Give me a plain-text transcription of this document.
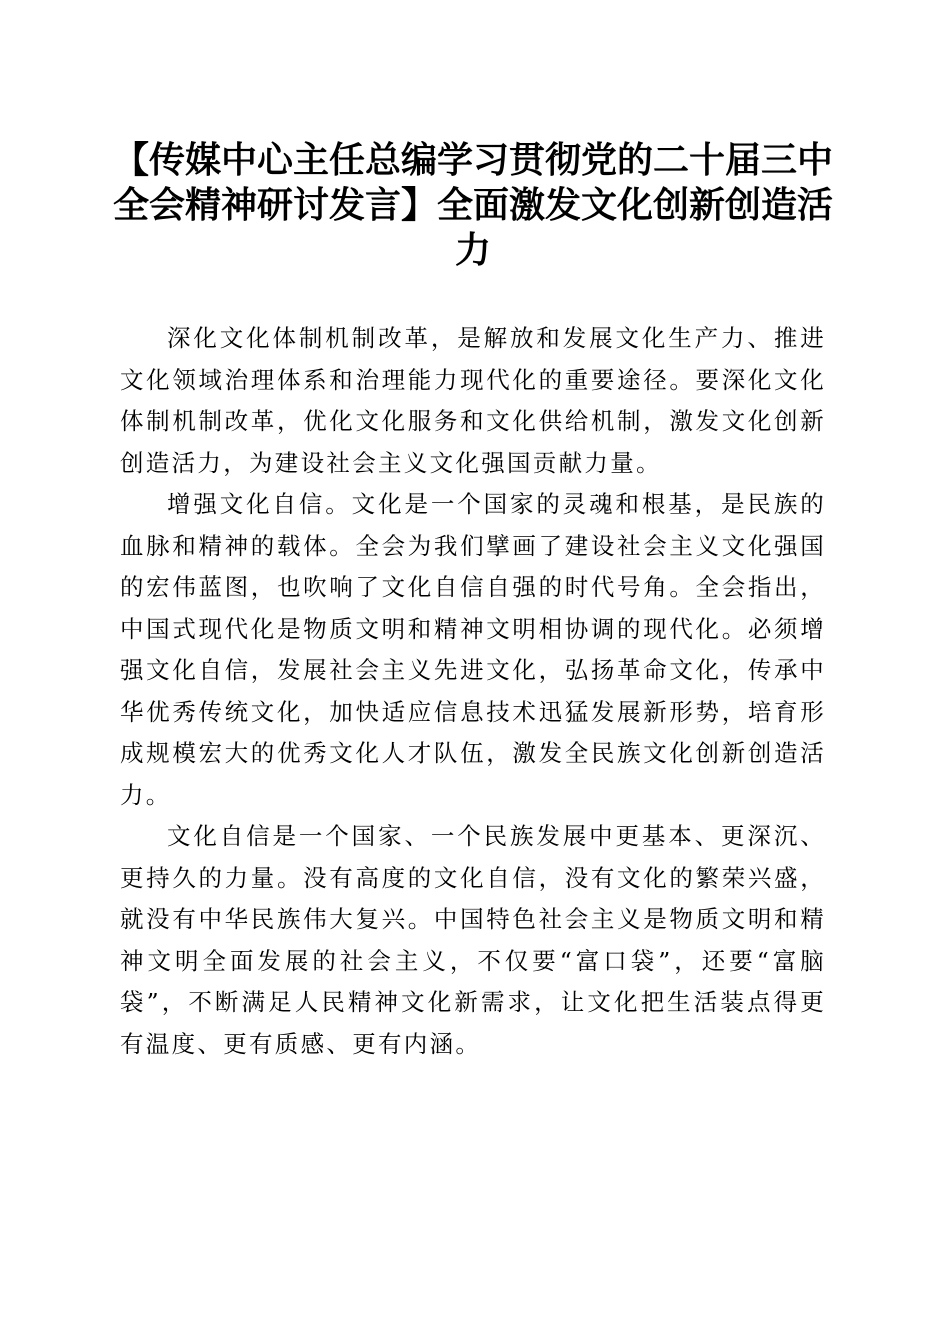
【传媒中心主任总编学习贯彻党的二十届三中全会精神研讨发言】全面激发文化创新创造活力

深化文化体制机制改革，是解放和发展文化生产力、推进文化领域治理体系和治理能力现代化的重要途径。要深化文化体制机制改革，优化文化服务和文化供给机制，激发文化创新创造活力，为建设社会主义文化强国贡献力量。

增强文化自信。文化是一个国家的灵魂和根基，是民族的血脉和精神的载体。全会为我们擘画了建设社会主义文化强国的宏伟蓝图，也吹响了文化自信自强的时代号角。全会指出，中国式现代化是物质文明和精神文明相协调的现代化。必须增强文化自信，发展社会主义先进文化，弘扬革命文化，传承中华优秀传统文化，加快适应信息技术迅猛发展新形势，培育形成规模宏大的优秀文化人才队伍，激发全民族文化创新创造活力。

文化自信是一个国家、一个民族发展中更基本、更深沉、更持久的力量。没有高度的文化自信，没有文化的繁荣兴盛，就没有中华民族伟大复兴。中国特色社会主义是物质文明和精神文明全面发展的社会主义，不仅要“富口袋”，还要“富脑袋”，不断满足人民精神文化新需求，让文化把生活装点得更有温度、更有质感、更有内涵。
